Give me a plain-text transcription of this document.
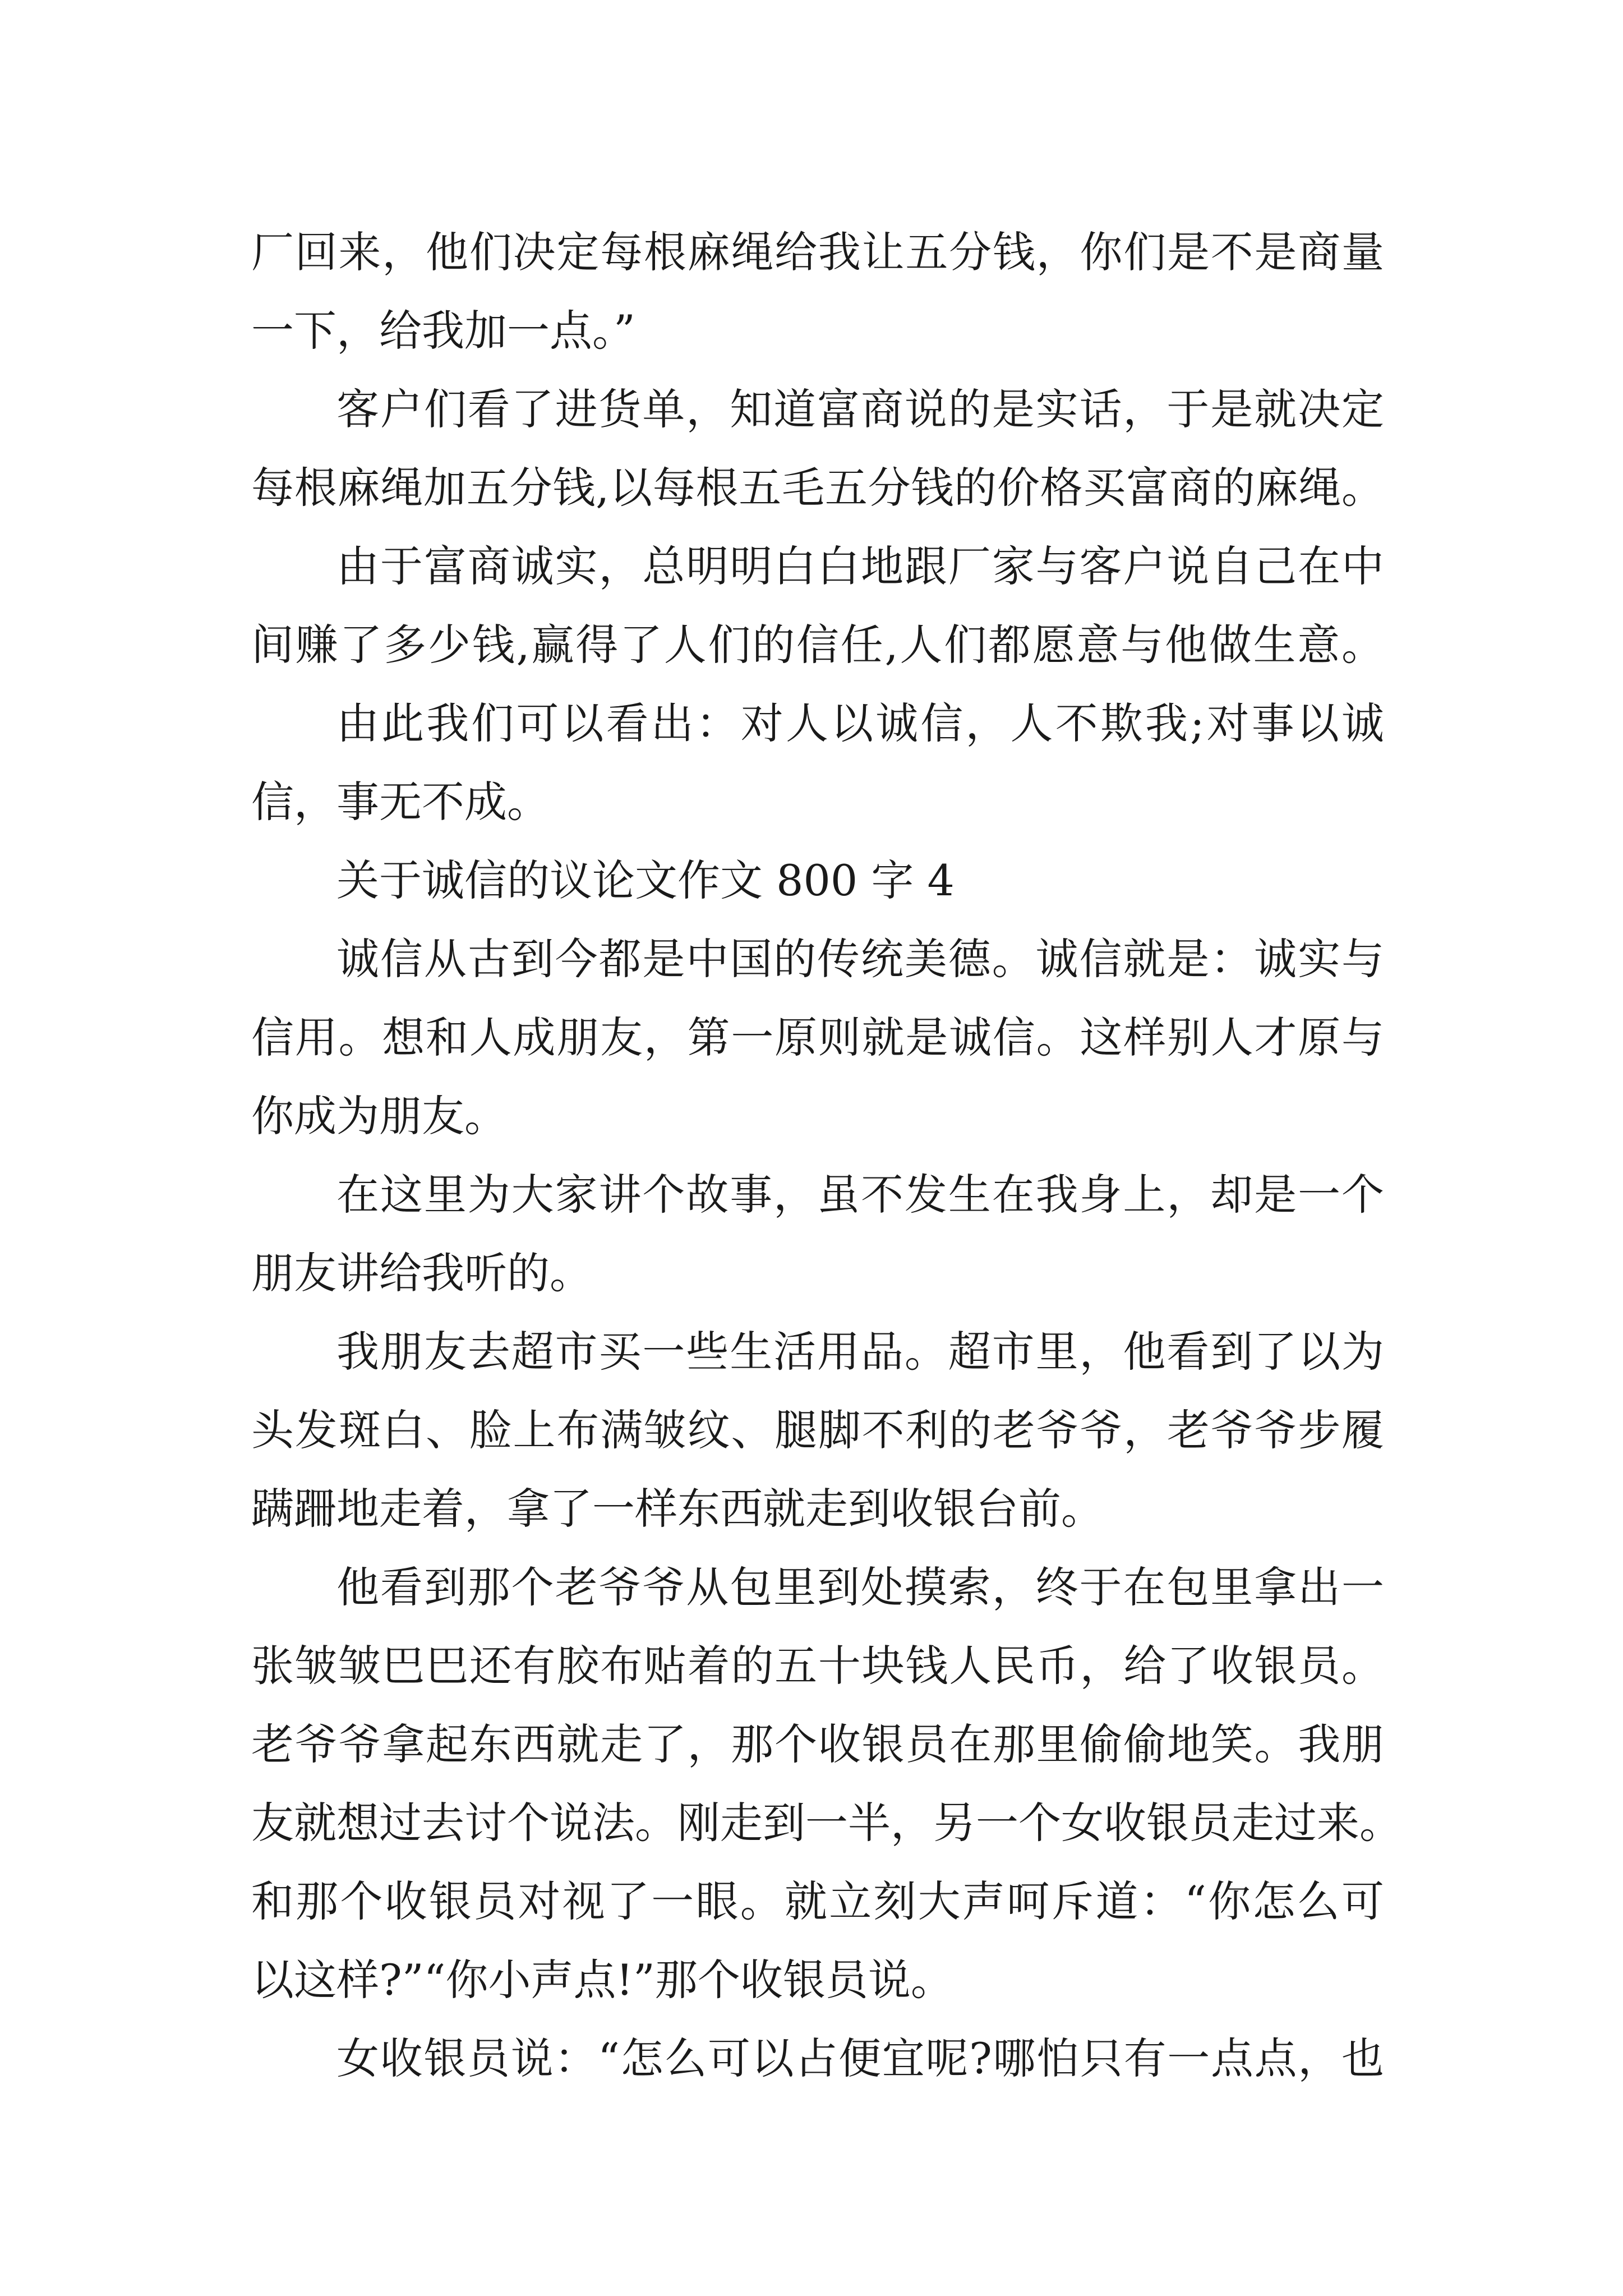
厂回来，他们决定每根麻绳给我让五分钱，你们是不是商量
一下，给我加一点。”
客户们看了进货单，知道富商说的是实话，于是就决定
每根麻绳加五分钱,以每根五毛五分钱的价格买富商的麻绳。
由于富商诚实，总明明白白地跟厂家与客户说自己在中
间赚了多少钱,赢得了人们的信任,人们都愿意与他做生意。
由此我们可以看出：对人以诚信，人不欺我;对事以诚
信，事无不成。
关于诚信的议论文作文 800 字 4
诚信从古到今都是中国的传统美德。诚信就是：诚实与
信用。想和人成朋友，第一原则就是诚信。这样别人才原与
你成为朋友。
在这里为大家讲个故事，虽不发生在我身上，却是一个
朋友讲给我听的。
我朋友去超市买一些生活用品。超市里，他看到了以为
头发斑白、脸上布满皱纹、腿脚不利的老爷爷，老爷爷步履
蹒跚地走着，拿了一样东西就走到收银台前。
他看到那个老爷爷从包里到处摸索，终于在包里拿出一
张皱皱巴巴还有胶布贴着的五十块钱人民币，给了收银员。
老爷爷拿起东西就走了，那个收银员在那里偷偷地笑。我朋
友就想过去讨个说法。刚走到一半，另一个女收银员走过来。
和那个收银员对视了一眼。就立刻大声呵斥道：“你怎么可
以这样?”“你小声点!”那个收银员说。
女收银员说：“怎么可以占便宜呢?哪怕只有一点点，也
